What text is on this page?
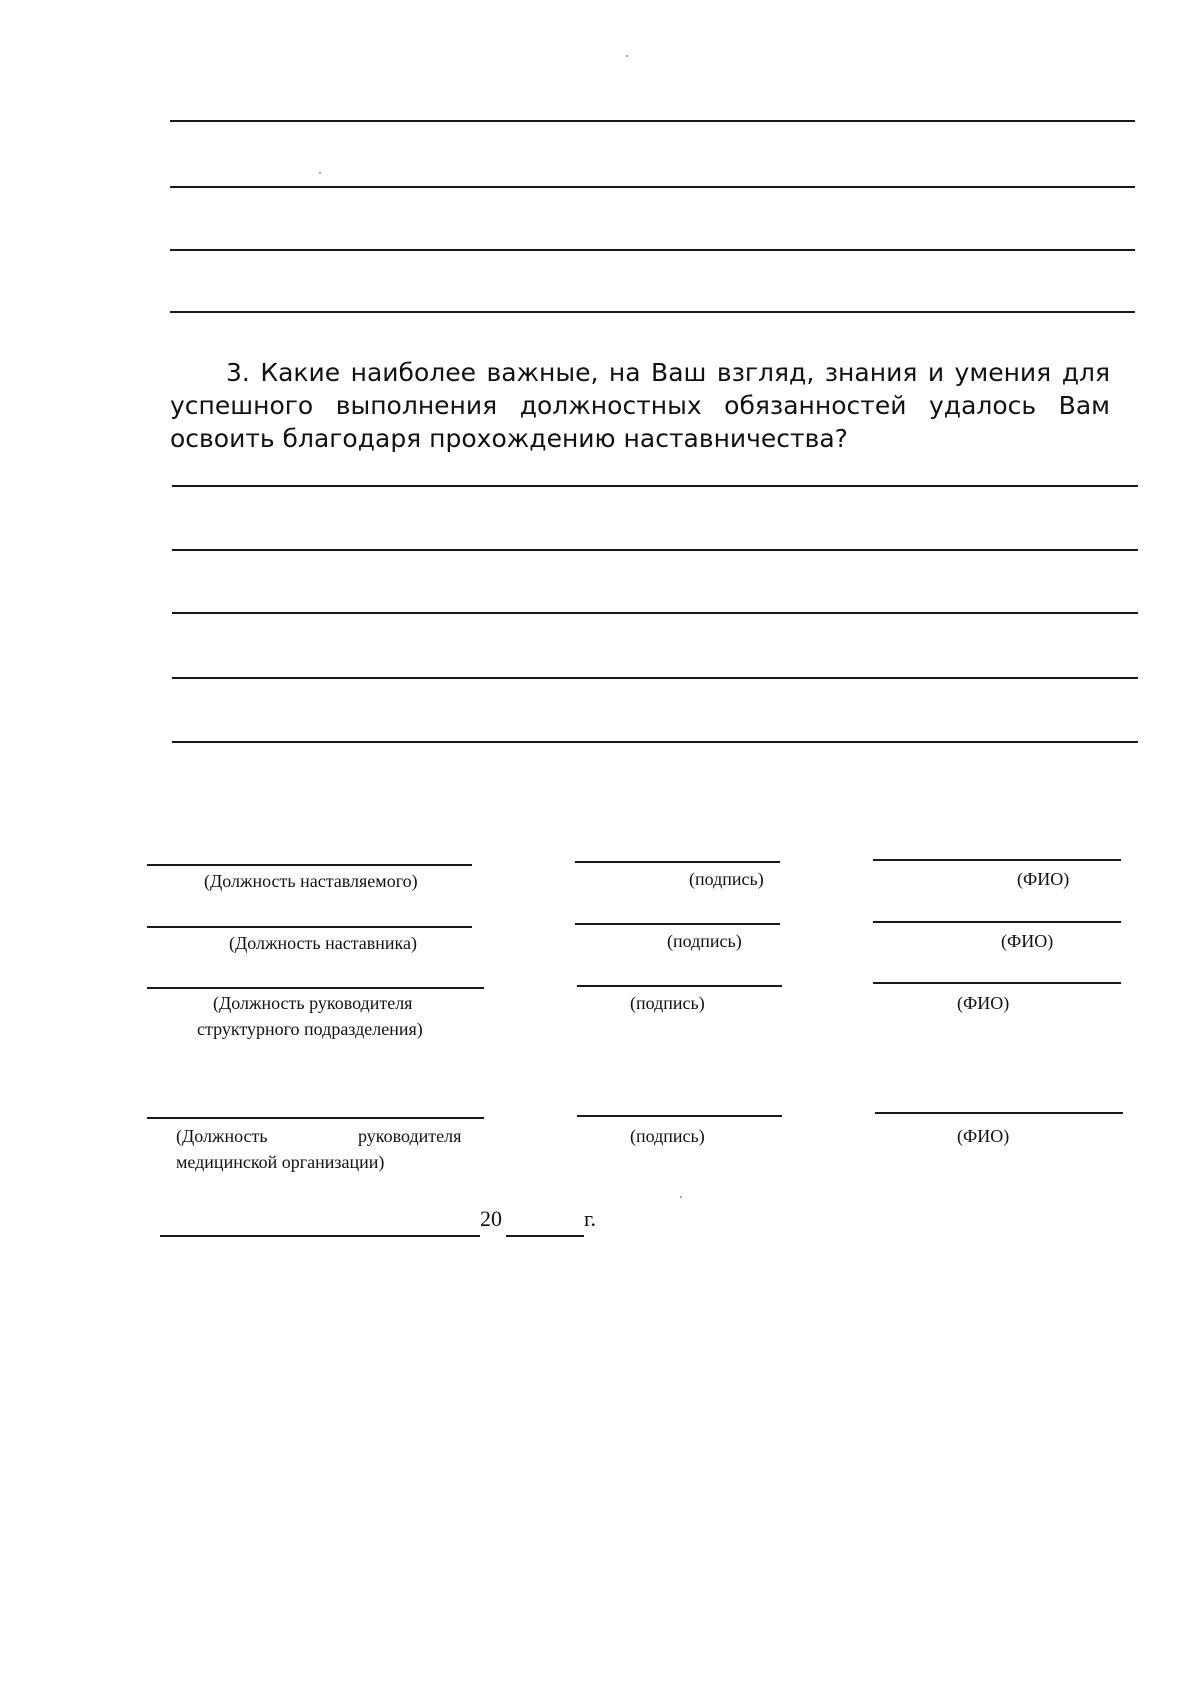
3. Какие наиболее важные, на Ваш взгляд, знания и умения для успешного выполнения должностных обязанностей удалось Вам освоить благодаря прохождению наставничества?
(Должность наставляемого)	(подпись)	(ФИО)
(Должность наставника)	(подпись)	(ФИО)
(Должность руководителя
структурного подразделения)
(подпись)	(ФИО)
(Должность	руководителя
медицинской организации)
(подпись)	(ФИО)
20	г.
